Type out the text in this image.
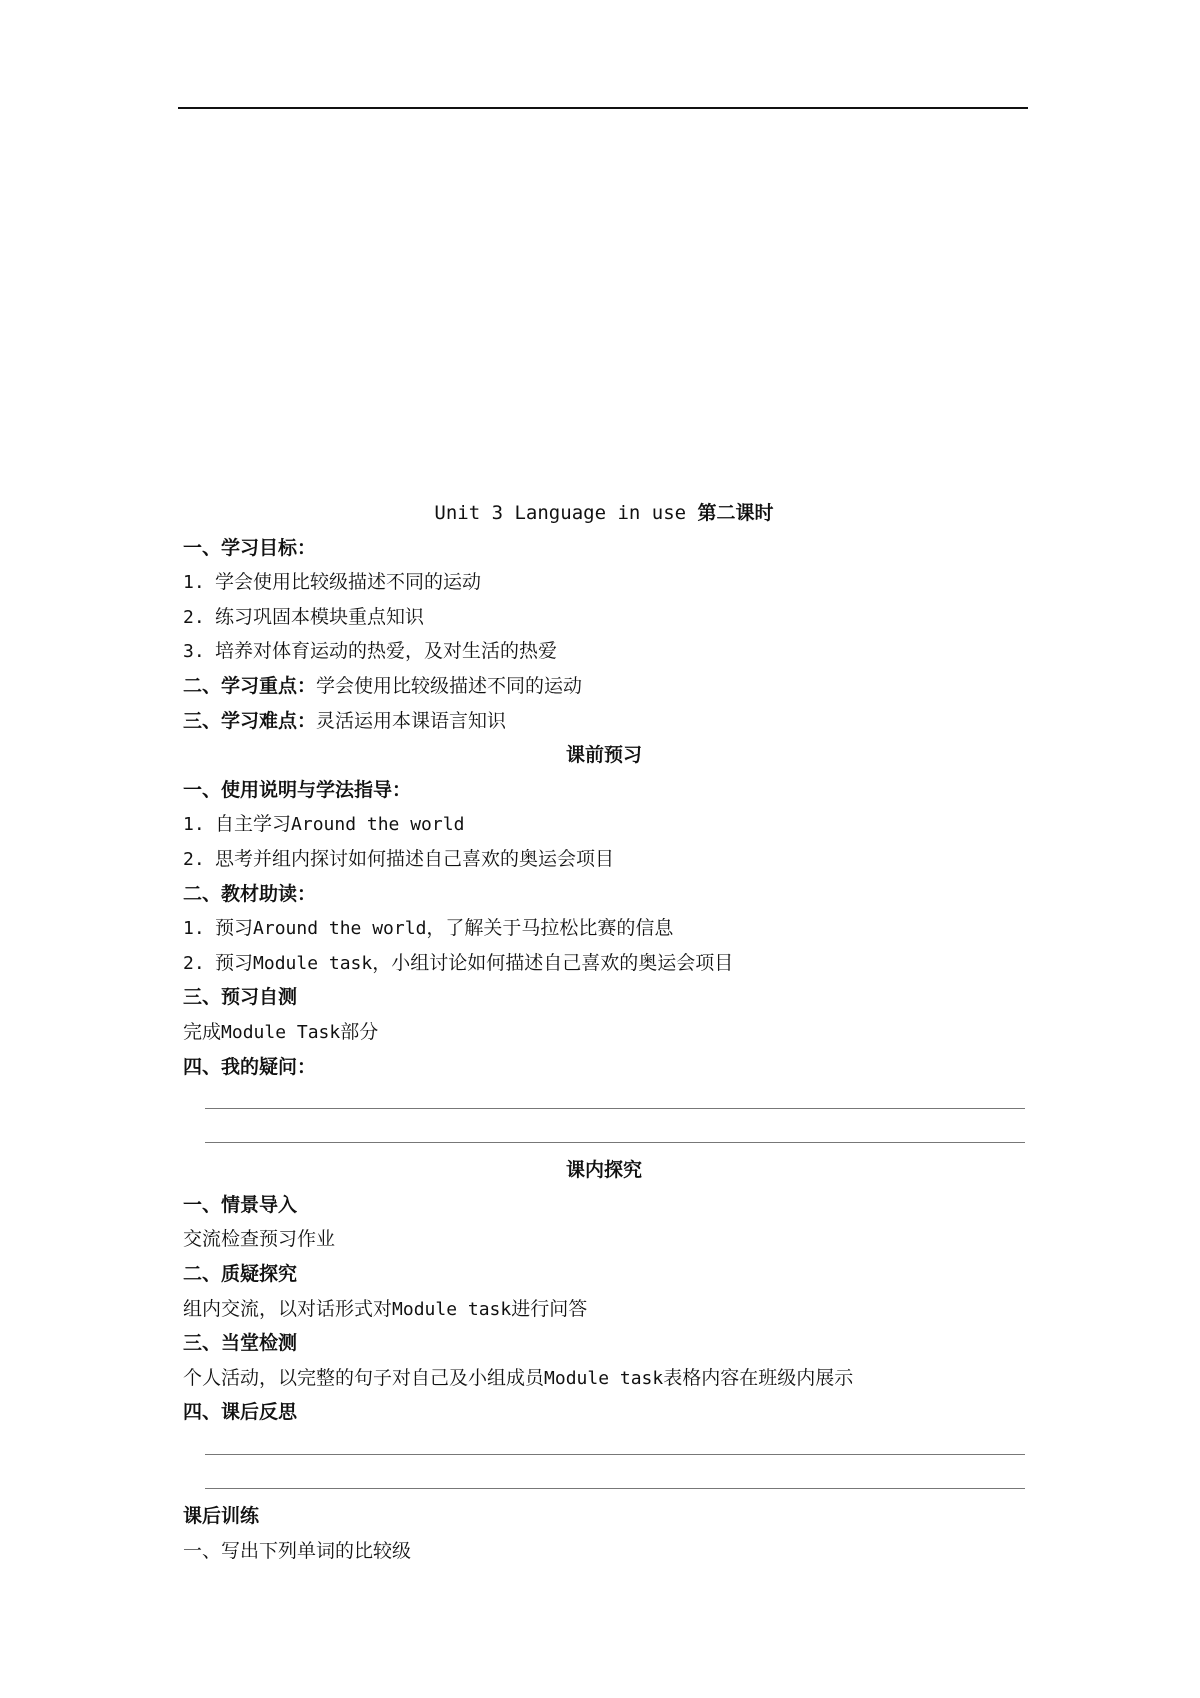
Unit 3 Language in use 第二课时
一、学习目标：
1. 学会使用比较级描述不同的运动
2. 练习巩固本模块重点知识
3. 培养对体育运动的热爱，及对生活的热爱
二、学习重点：学会使用比较级描述不同的运动
三、学习难点：灵活运用本课语言知识
课前预习
一、使用说明与学法指导：
1. 自主学习Around the world
2. 思考并组内探讨如何描述自己喜欢的奥运会项目
二、教材助读：
1. 预习Around the world，了解关于马拉松比赛的信息
2. 预习Module task，小组讨论如何描述自己喜欢的奥运会项目
三、预习自测
完成Module Task部分
四、我的疑问：
课内探究
一、情景导入
交流检查预习作业
二、质疑探究
组内交流，以对话形式对Module task进行问答
三、当堂检测
个人活动，以完整的句子对自己及小组成员Module task表格内容在班级内展示
四、课后反思
课后训练
一、写出下列单词的比较级
